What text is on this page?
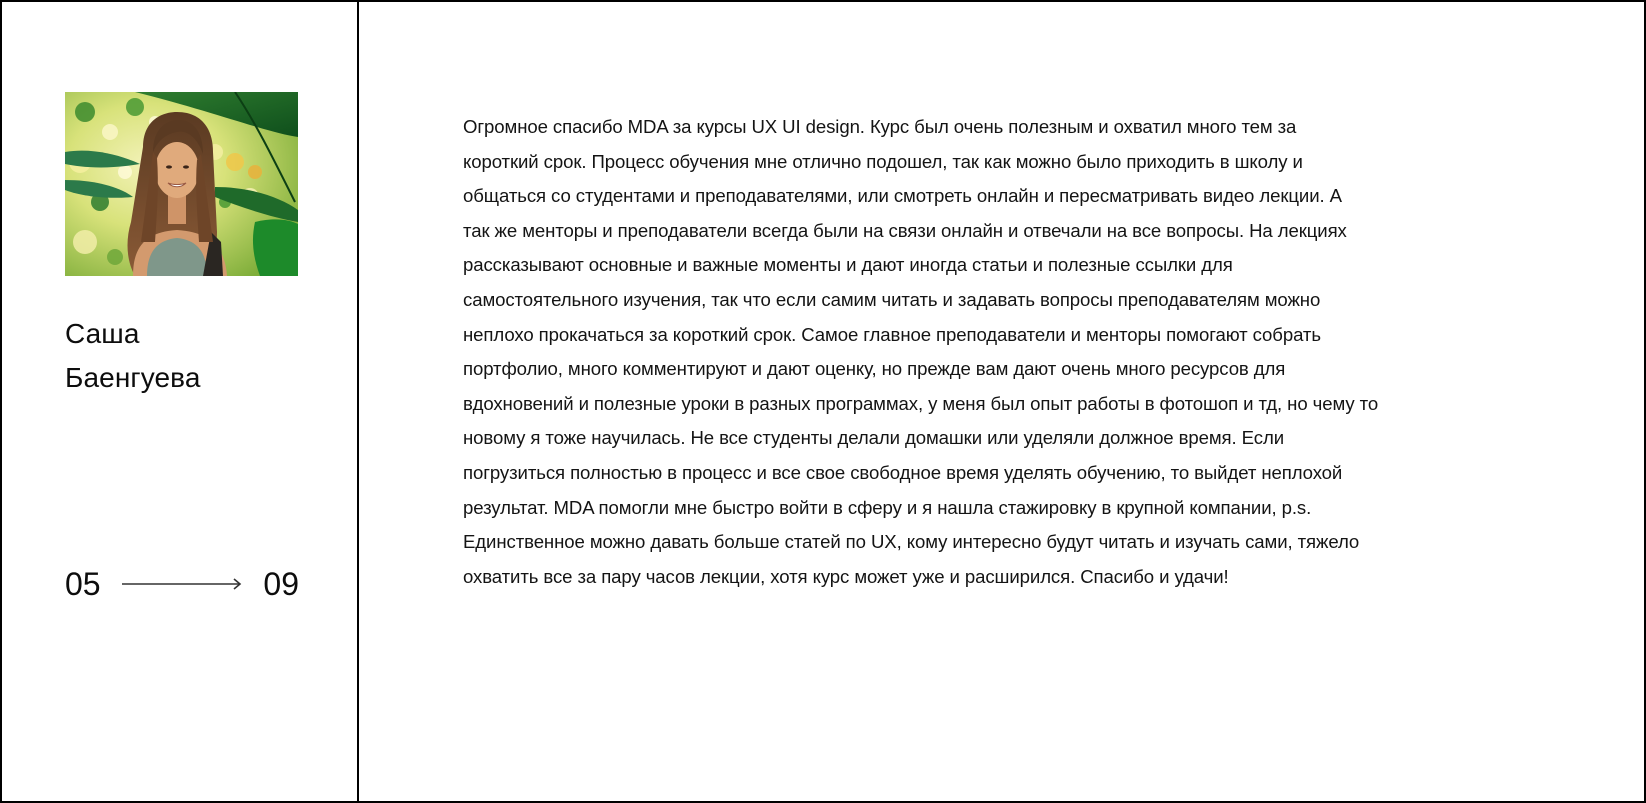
Саша
Баенгуева
05	09

Огромное спасибо MDA за курсы UX UI design. Курс был очень полезным и охватил много тем за
короткий срок. Процесс обучения мне отлично подошел, так как можно было приходить в школу и
общаться со студентами и преподавателями, или смотреть онлайн и пересматривать видео лекции. А
так же менторы и преподаватели всегда были на связи онлайн и отвечали на все вопросы. На лекциях
рассказывают основные и важные моменты и дают иногда статьи и полезные ссылки для
самостоятельного изучения, так что если самим читать и задавать вопросы преподавателям можно
неплохо прокачаться за короткий срок. Самое главное преподаватели и менторы помогают собрать
портфолио, много комментируют и дают оценку, но прежде вам дают очень много ресурсов для
вдохновений и полезные уроки в разных программах, у меня был опыт работы в фотошоп и тд, но чему то
новому я тоже научилась. Не все студенты делали домашки или уделяли должное время. Если
погрузиться полностью в процесс и все свое свободное время уделять обучению, то выйдет неплохой
результат. MDA помогли мне быстро войти в сферу и я нашла стажировку в крупной компании, p.s.
Единственное можно давать больше статей по UX, кому интересно будут читать и изучать сами, тяжело
охватить все за пару часов лекции, хотя курс может уже и расширился. Спасибо и удачи!
